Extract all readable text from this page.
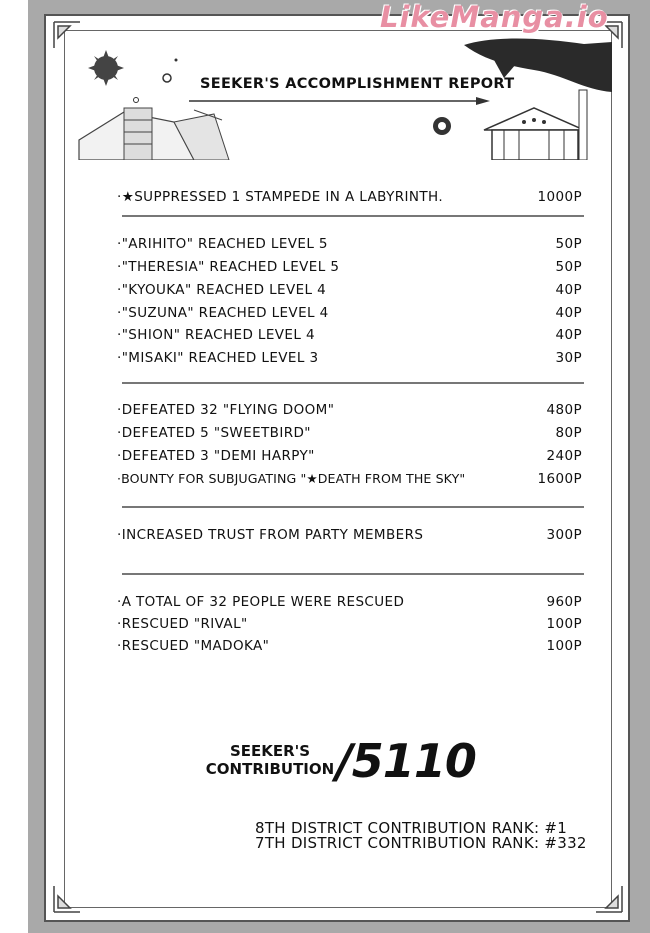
LikeManga.io
SEEKER'S ACCOMPLISHMENT REPORT
·★SUPPRESSED 1 STAMPEDE IN A LABYRINTH.	1000P
·"ARIHITO" REACHED LEVEL 5	50P
·"THERESIA" REACHED LEVEL 5	50P
·"KYOUKA" REACHED LEVEL 4	40P
·"SUZUNA" REACHED LEVEL 4	40P
·"SHION" REACHED LEVEL 4	40P
·"MISAKI" REACHED LEVEL 3	30P
·DEFEATED 32 "FLYING DOOM"	480P
·DEFEATED 5 "SWEETBIRD"	80P
·DEFEATED 3 "DEMI HARPY"	240P
·BOUNTY FOR SUBJUGATING "★DEATH FROM THE SKY"	1600P
·INCREASED TRUST FROM PARTY MEMBERS	300P
·A TOTAL OF 32 PEOPLE WERE RESCUED	960P
·RESCUED "RIVAL"	100P
·RESCUED "MADOKA"	100P
SEEKER'S
CONTRIBUTION /5110
8TH DISTRICT CONTRIBUTION RANK: #1
7TH DISTRICT CONTRIBUTION RANK: #332
